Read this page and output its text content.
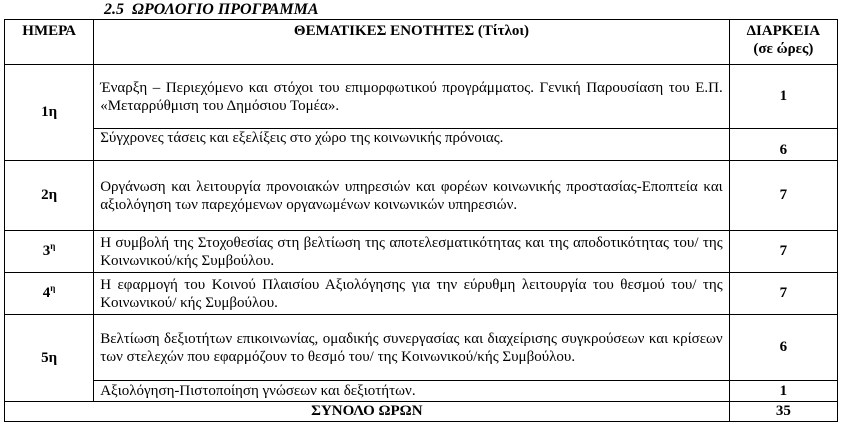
2.5 ΩΡΟΛΟΓΙΟ ΠΡΟΓΡΑΜΜΑ
ΗΜΕΡΑ	ΘΕΜΑΤΙΚΕΣ ΕΝΟΤΗΤΕΣ (Τίτλοι)	ΔΙΑΡΚΕΙΑ
(σε ώρες)

1η	Έναρξη – Περιεχόμενο και στόχοι του επιμορφωτικού προγράμματος. Γενική Παρουσίαση του Ε.Π. «Μεταρρύθμιση του Δημόσιου Τομέα».	1

	Σύγχρονες τάσεις και εξελίξεις στο χώρο της κοινωνικής πρόνοιας.	6
2η	Οργάνωση και λειτουργία προνοιακών υπηρεσιών και φορέων κοινωνικής προστασίας-Εποπτεία και αξιολόγηση των παρεχόμενων οργανωμένων κοινωνικών υπηρεσιών.	7
$3^\eta$	Η συμβολή της Στοχοθεσίας στη βελτίωση της αποτελεσματικότητας και της αποδοτικότητας του/ της Κοινωνικού/κής Συμβούλου.	7
$4^\eta$	Η εφαρμογή του Κοινού Πλαισίου Αξιολόγησης για την εύρυθμη λειτουργία του θεσμού του/ της Κοινωνικού/ κής Συμβούλου.	7
5η	Βελτίωση δεξιοτήτων επικοινωνίας, ομαδικής συνεργασίας και διαχείρισης συγκρούσεων και κρίσεων των στελεχών που εφαρμόζουν το θεσμό του/ της Κοινωνικού/κής Συμβούλου.	6

	Αξιολόγηση-Πιστοποίηση γνώσεων και δεξιοτήτων.	1
ΣΥΝΟΛΟ ΩΡΩΝ		35
